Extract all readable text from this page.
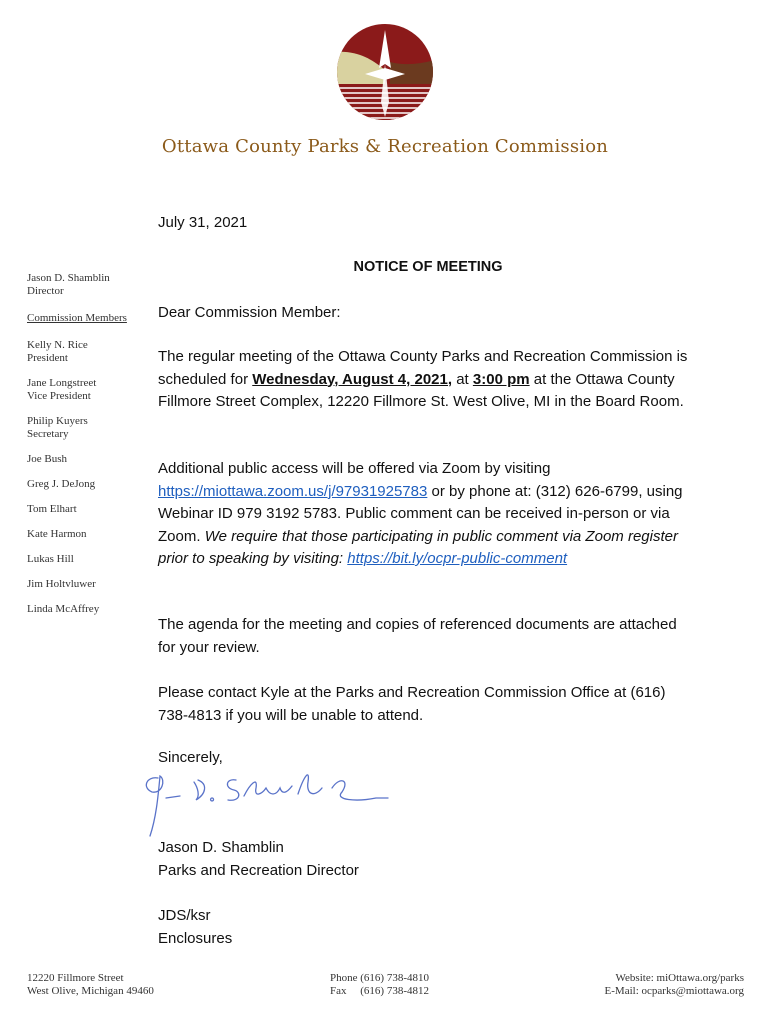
Ottawa County Parks & Recreation Commission
Jason D. Shamblin
Director
Commission Members
Kelly N. Rice
President
Jane Longstreet
Vice President
Philip Kuyers
Secretary
Joe Bush
Greg J. DeJong
Tom Elhart
Kate Harmon
Lukas Hill
Jim Holtvluwer
Linda McAffrey
July 31, 2021
NOTICE OF MEETING
Dear Commission Member:

The regular meeting of the Ottawa County Parks and Recreation Commission is scheduled for Wednesday, August 4, 2021, at 3:00 pm at the Ottawa County Fillmore Street Complex, 12220 Fillmore St. West Olive, MI in the Board Room.

Additional public access will be offered via Zoom by visiting https://miottawa.zoom.us/j/97931925783 or by phone at: (312) 626-6799, using Webinar ID 979 3192 5783. Public comment can be received in-person or via Zoom. We require that those participating in public comment via Zoom register prior to speaking by visiting: https://bit.ly/ocpr-public-comment

The agenda for the meeting and copies of referenced documents are attached for your review.
Please contact Kyle at the Parks and Recreation Commission Office at (616) 738-4813 if you will be unable to attend.
Sincerely,

Jason D. Shamblin

Parks and Recreation Director

JDS/ksr

Enclosures

12220 Fillmore Street
West Olive, Michigan 49460
Phone (616) 738-4810
Fax     (616) 738-4812
Website: miOttawa.org/parks
E-Mail: ocparks@miottawa.org
